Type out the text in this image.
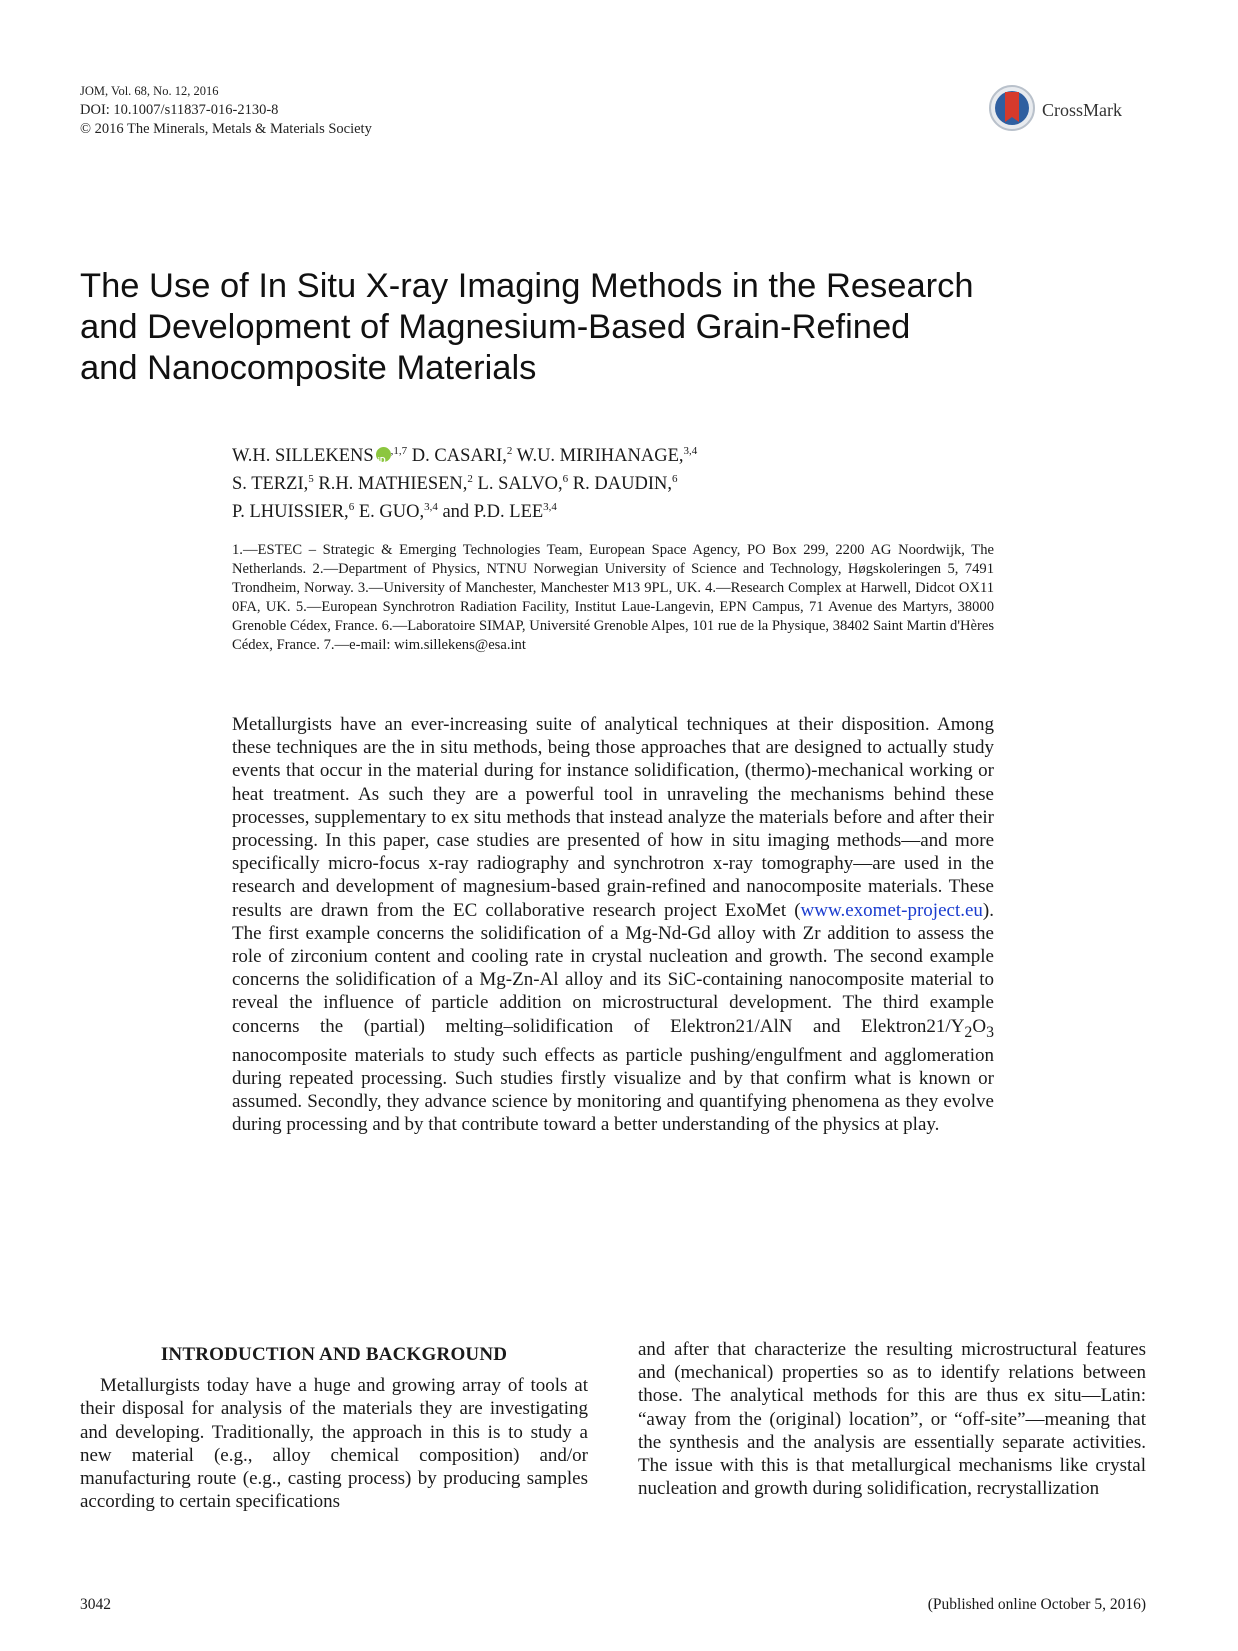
JOM, Vol. 68, No. 12, 2016
DOI: 10.1007/s11837-016-2130-8
© 2016 The Minerals, Metals & Materials Society
CrossMark
The Use of In Situ X-ray Imaging Methods in the Research
and Development of Magnesium-Based Grain-Refined
and Nanocomposite Materials
W.H. SILLEKENSiD $^{,1,7}$ D. CASARI,$^2$ W.U. MIRIHANAGE,$^{3,4}$
S. TERZI,$^5$ R.H. MATHIESEN,$^2$ L. SALVO,$^6$ R. DAUDIN,$^6$
P. LHUISSIER,$^6$ E. GUO,$^{3,4}$ and P.D. LEE$^{3,4}$
1.—ESTEC – Strategic & Emerging Technologies Team, European Space Agency, PO Box 299, 2200 AG Noordwijk, The Netherlands. 2.—Department of Physics, NTNU Norwegian University of Science and Technology, Høgskoleringen 5, 7491 Trondheim, Norway. 3.—University of Manchester, Manchester M13 9PL, UK. 4.—Research Complex at Harwell, Didcot OX11 0FA, UK. 5.—European Synchrotron Radiation Facility, Institut Laue-Langevin, EPN Campus, 71 Avenue des Martyrs, 38000 Grenoble Cédex, France. 6.—Laboratoire SIMAP, Université Grenoble Alpes, 101 rue de la Physique, 38402 Saint Martin d'Hères Cédex, France. 7.—e-mail: wim.sillekens@esa.int
Metallurgists have an ever-increasing suite of analytical techniques at their disposition. Among these techniques are the in situ methods, being those approaches that are designed to actually study events that occur in the material during for instance solidification, (thermo)-mechanical working or heat treatment. As such they are a powerful tool in unraveling the mechanisms behind these processes, supplementary to ex situ methods that instead analyze the materials before and after their processing. In this paper, case studies are presented of how in situ imaging methods—and more specifically micro-focus x-ray radiography and synchrotron x-ray tomography—are used in the research and development of magnesium-based grain-refined and nanocomposite materials. These results are drawn from the EC collaborative research project ExoMet (www.exomet-project.eu). The first example concerns the solidification of a Mg-Nd-Gd alloy with Zr addition to assess the role of zirconium content and cooling rate in crystal nucleation and growth. The second example concerns the solidification of a Mg-Zn-Al alloy and its SiC-containing nanocomposite material to reveal the influence of particle addition on microstructural development. The third example concerns the (partial) melting–solidification of Elektron21/AlN and $Elektron21/Y_2O_3$ nanocomposite materials to study such effects as particle pushing/engulfment and agglomeration during repeated processing. Such studies firstly visualize and by that confirm what is known or assumed. Secondly, they advance science by monitoring and quantifying phenomena as they evolve during processing and by that contribute toward a better understanding of the physics at play.
INTRODUCTION AND BACKGROUND

Metallurgists today have a huge and growing array of tools at their disposal for analysis of the materials they are investigating and developing. Traditionally, the approach in this is to study a new material (e.g., alloy chemical composition) and/or manufacturing route (e.g., casting process) by producing samples according to certain specifications

and after that characterize the resulting microstructural features and (mechanical) properties so as to identify relations between those. The analytical methods for this are thus ex situ—Latin: “away from the (original) location”, or “off-site”—meaning that the synthesis and the analysis are essentially separate activities. The issue with this is that metallurgical mechanisms like crystal nucleation and growth during solidification, recrystallization

3042	(Published online October 5, 2016)
